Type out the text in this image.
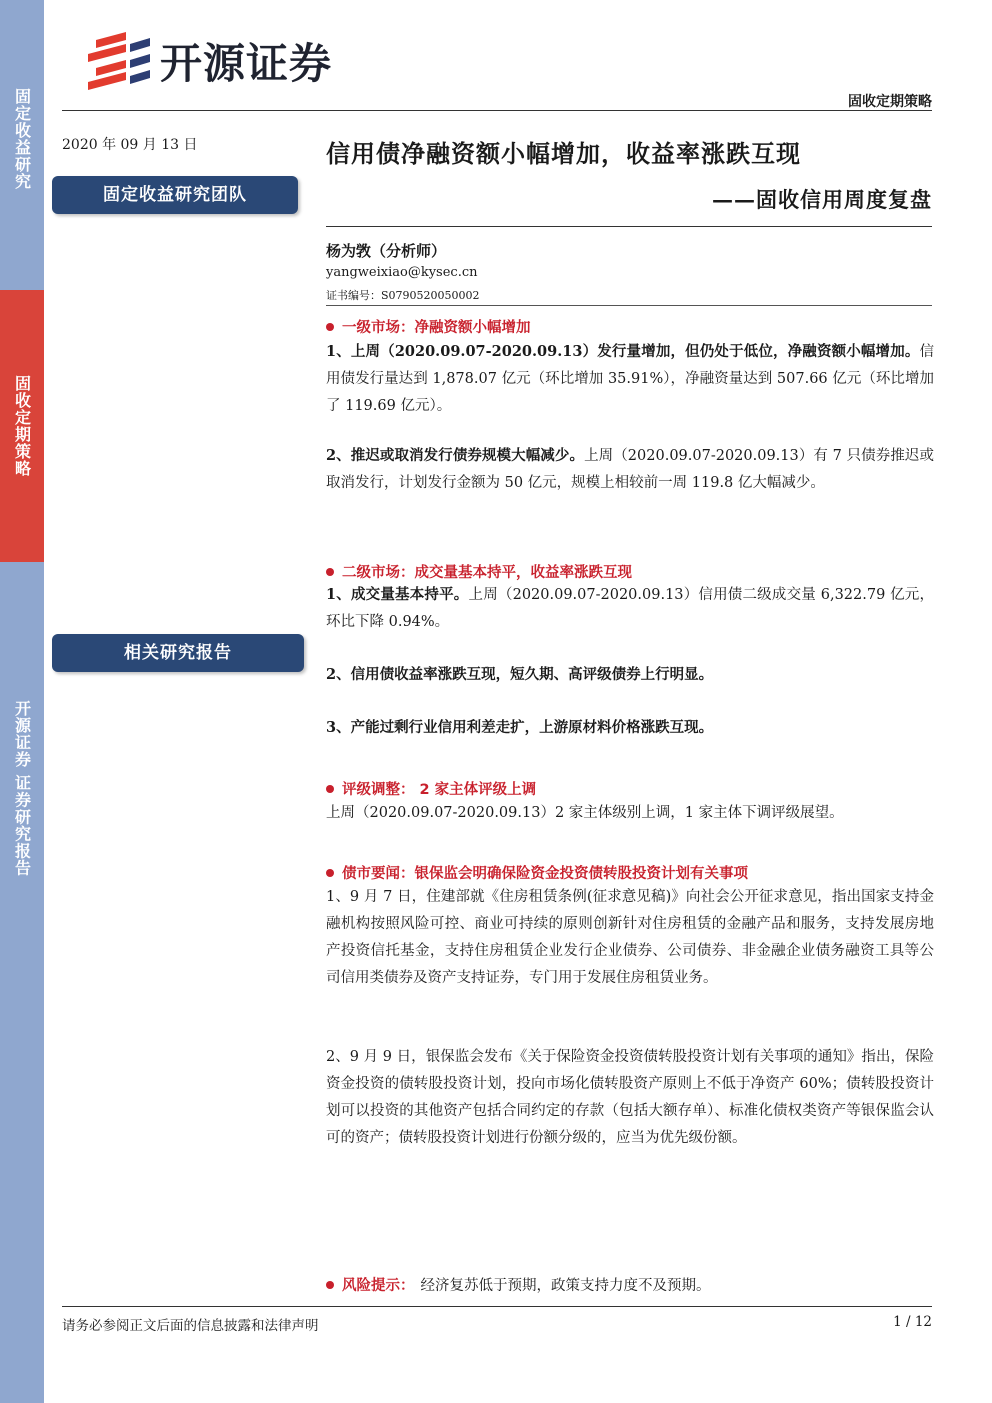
固定收益研究
固收定期策略
开源证券 证券研究报告
开源证券
固收定期策略
2020 年 09 月 13 日
固定收益研究团队
相关研究报告
信用债净融资额小幅增加，收益率涨跌互现
——固收信用周度复盘
杨为敩（分析师）
yangweixiao@kysec.cn
证书编号：S0790520050002
一级市场：净融资额小幅增加
1、上周（2020.09.07-2020.09.13）发行量增加，但仍处于低位，净融资额小幅增加。信用债发行量达到 1,878.07 亿元（环比增加 35.91%），净融资量达到 507.66 亿元（环比增加了 119.69 亿元）。
2、推迟或取消发行债券规模大幅减少。上周（2020.09.07-2020.09.13）有 7 只债券推迟或取消发行，计划发行金额为 50 亿元，规模上相较前一周 119.8 亿大幅减少。
二级市场：成交量基本持平，收益率涨跌互现
1、成交量基本持平。上周（2020.09.07-2020.09.13）信用债二级成交量 6,322.79 亿元，环比下降 0.94%。
2、信用债收益率涨跌互现，短久期、高评级债券上行明显。
3、产能过剩行业信用利差走扩，上游原材料价格涨跌互现。
评级调整： 2 家主体评级上调
上周（2020.09.07-2020.09.13）2 家主体级别上调，1 家主体下调评级展望。
债市要闻：银保监会明确保险资金投资债转股投资计划有关事项
1、9 月 7 日，住建部就《住房租赁条例(征求意见稿)》向社会公开征求意见，指出国家支持金融机构按照风险可控、商业可持续的原则创新针对住房租赁的金融产品和服务，支持发展房地产投资信托基金，支持住房租赁企业发行企业债券、公司债券、非金融企业债务融资工具等公司信用类债券及资产支持证券，专门用于发展住房租赁业务。
2、9 月 9 日，银保监会发布《关于保险资金投资债转股投资计划有关事项的通知》指出，保险资金投资的债转股投资计划，投向市场化债转股资产原则上不低于净资产 60%；债转股投资计划可以投资的其他资产包括合同约定的存款（包括大额存单）、标准化债权类资产等银保监会认可的资产；债转股投资计划进行份额分级的，应当为优先级份额。
风险提示： 经济复苏低于预期，政策支持力度不及预期。
请务必参阅正文后面的信息披露和法律声明	1 / 12
